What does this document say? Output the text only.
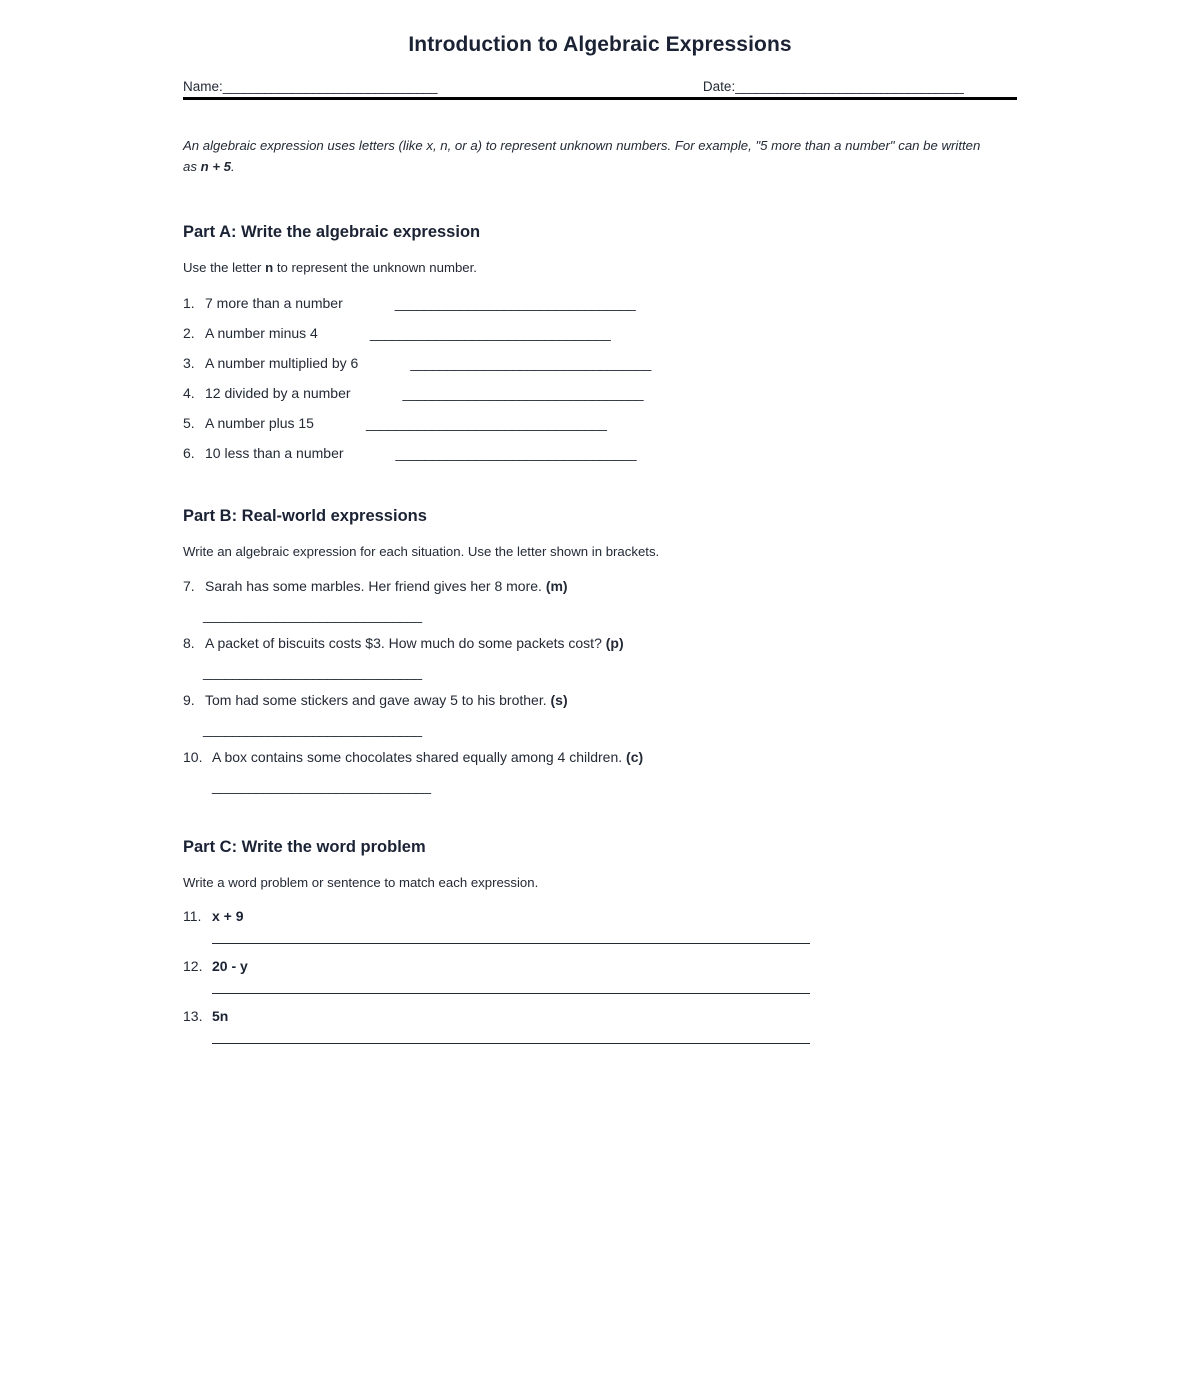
Introduction to Algebraic Expressions
Name:_______________________________	Date:_________________________________

An algebraic expression uses letters (like x, n, or a) to represent unknown numbers. For example, "5 more than a number" can be written as n + 5.

Part A: Write the algebraic expression
Use the letter n to represent the unknown number.
1. 7 more than a number	_________________________________
2. A number minus 4	_________________________________
3. A number multiplied by 6	_________________________________
4. 12 divided by a number	_________________________________
5. A number plus 15	_________________________________
6. 10 less than a number	_________________________________
Part B: Real-world expressions
Write an algebraic expression for each situation. Use the letter shown in brackets.
7. Sarah has some marbles. Her friend gives her 8 more. (m)
______________________________
8. A packet of biscuits costs $3. How much do some packets cost? (p)
______________________________
9. Tom had some stickers and gave away 5 to his brother. (s)
______________________________
10. A box contains some chocolates shared equally among 4 children. (c)
______________________________
Part C: Write the word problem
Write a word problem or sentence to match each expression.
11. x + 9
12. 20 - y
13. 5n
